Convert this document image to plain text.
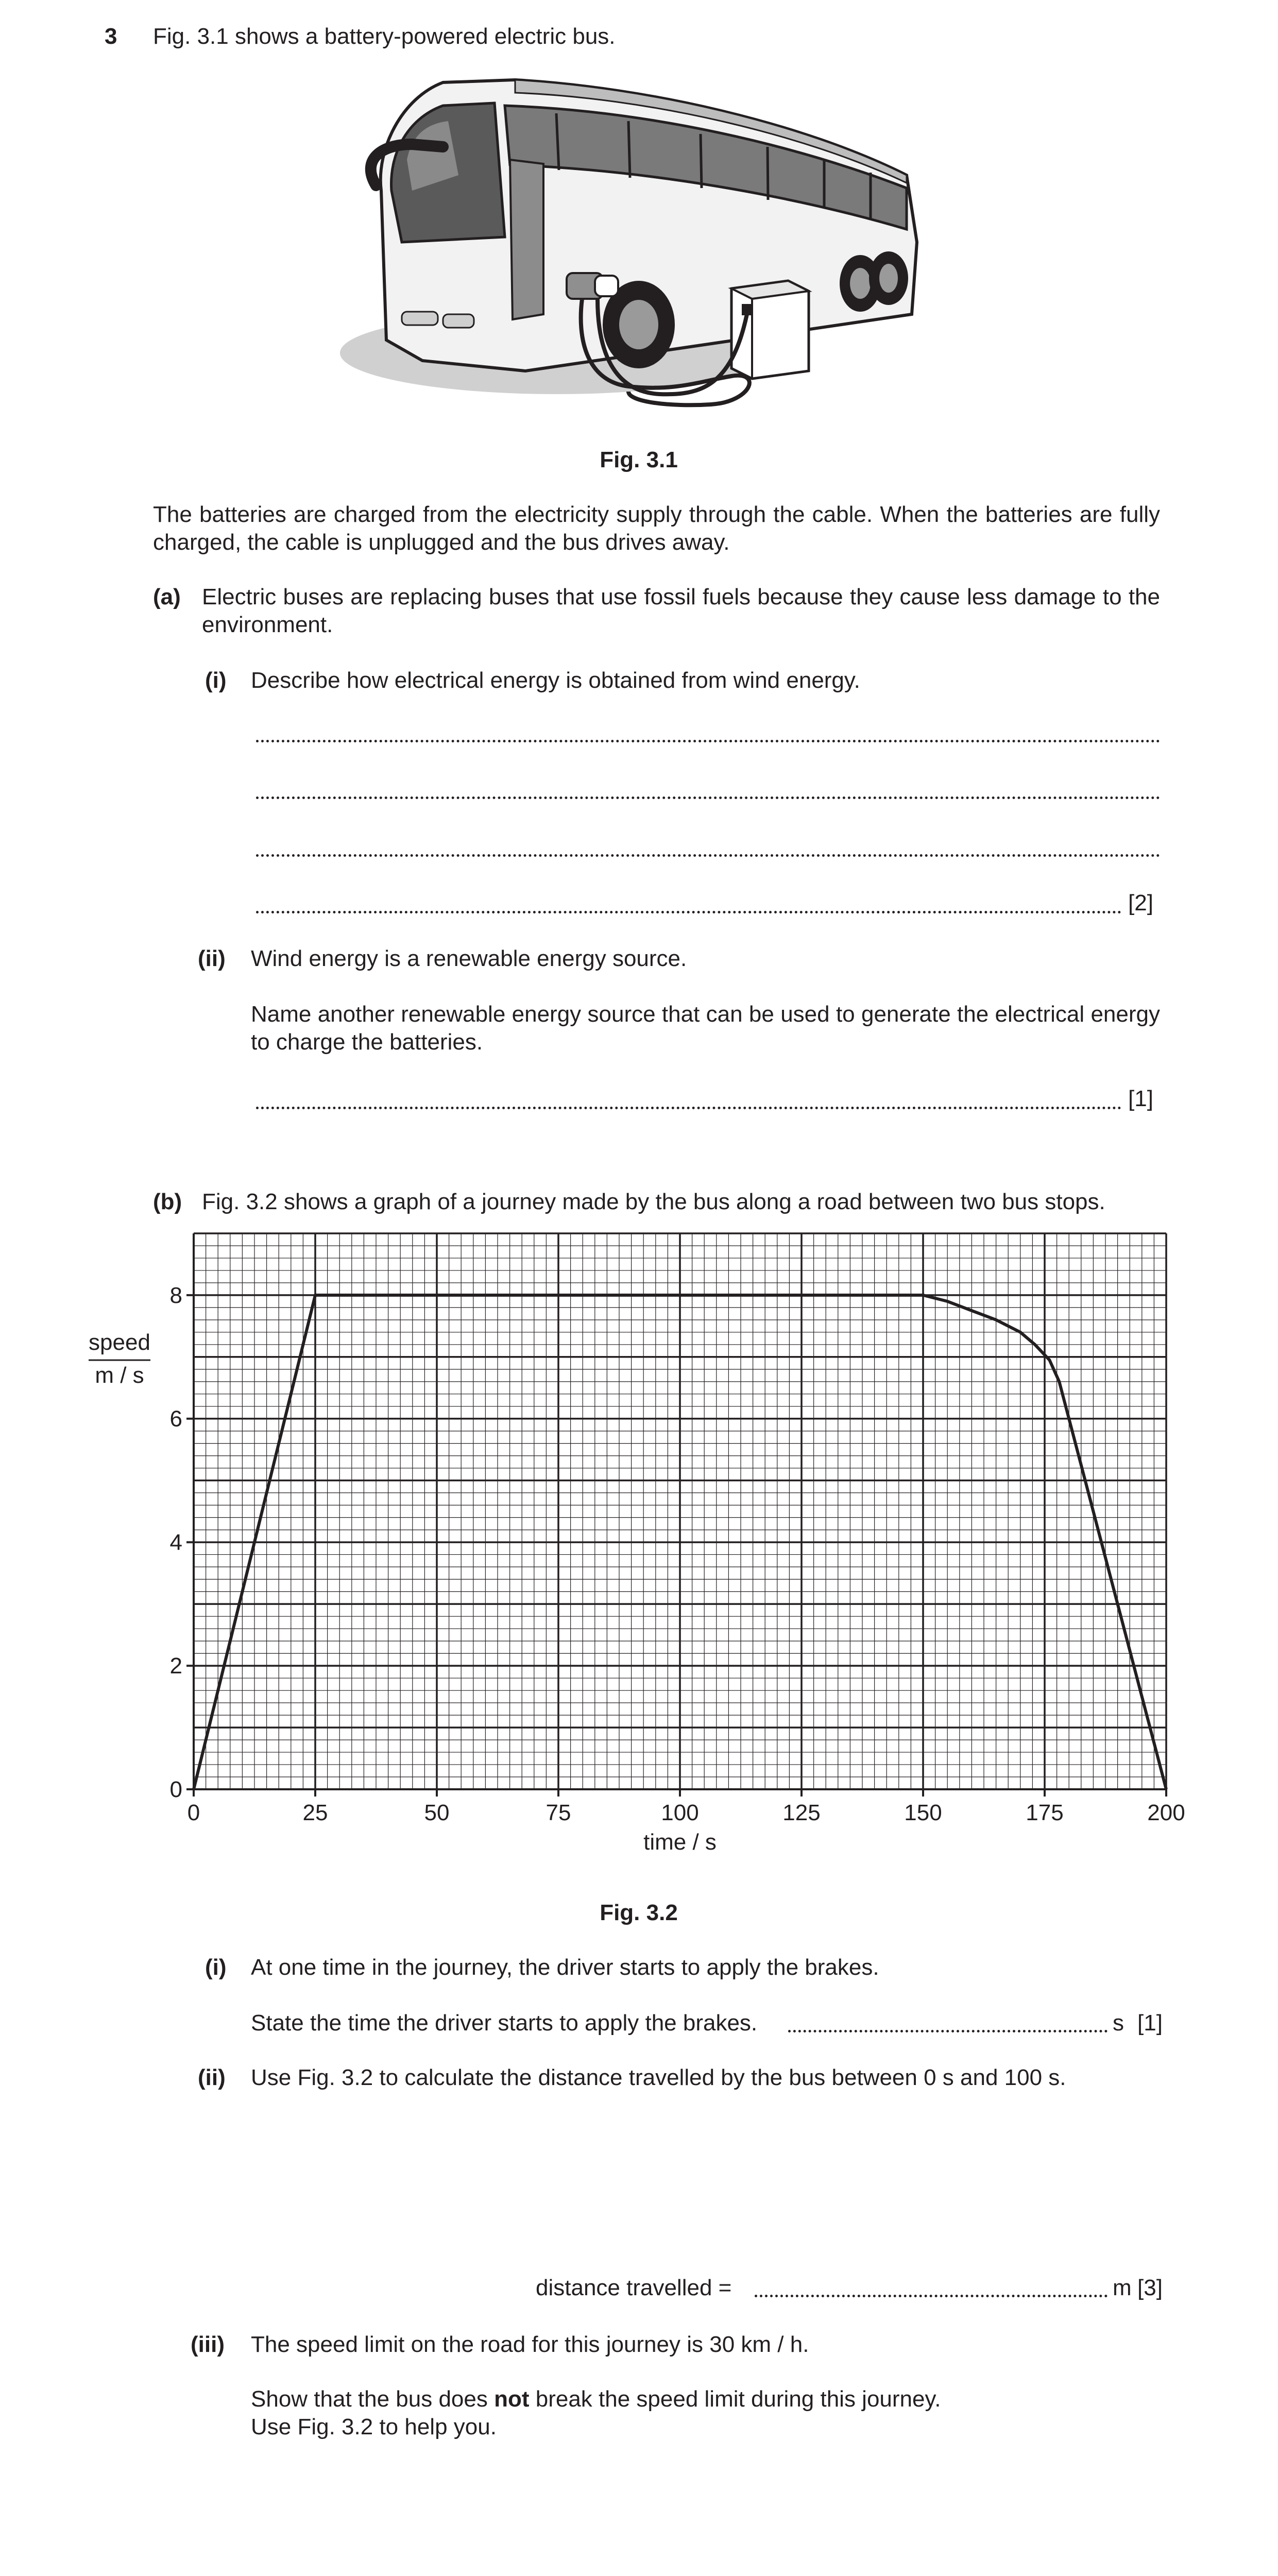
3 Fig. 3.1 shows a battery-powered electric bus.
Fig. 3.1
The batteries are charged from the electricity supply through the cable. When the batteries are fully charged, the cable is unplugged and the bus drives away.
(a) Electric buses are replacing buses that use fossil fuels because they cause less damage to the environment.
(i) Describe how electrical energy is obtained from wind energy.
[2]
(ii) Wind energy is a renewable energy source.
Name another renewable energy source that can be used to generate the electrical energy to charge the batteries.
[1]
(b) Fig. 3.2 shows a graph of a journey made by the bus along a road between two bus stops.
0	25	50	75	100	125	150	175	200
0
2
4
6
8
speed
m / s
time / s
Fig. 3.2
(i) At one time in the journey, the driver starts to apply the brakes.
State the time the driver starts to apply the brakes.	s [1]
(ii) Use Fig. 3.2 to calculate the distance travelled by the bus between 0 s and 100 s.
distance travelled =	m [3]
(iii) The speed limit on the road for this journey is 30 km / h.
Show that the bus does not break the speed limit during this journey.
Use Fig. 3.2 to help you.
